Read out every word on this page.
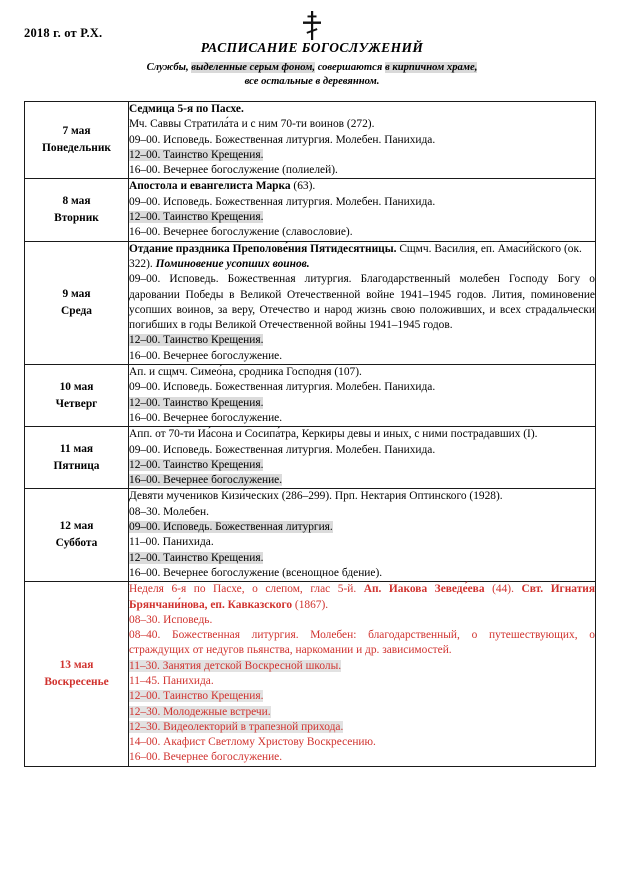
2018 г. от Р.Х.
РАСПИСАНИЕ БОГОСЛУЖЕНИЙ
Службы, выделенные серым фоном, совершаются в кирпичном храме,
все остальные в деревянном.
7 мая
Понедельник

Седмица 5-я по Пасхе.
Мч. Саввы Стратила́та и с ним 70-ти воинов (272).
09–00. Исповедь. Божественная литургия. Молебен. Панихида.
12–00. Таинство Крещения.
16–00. Вечернее богослужение (полиелей).

8 мая
Вторник

Апостола и евангелиста Марка (63).
09–00. Исповедь. Божественная литургия. Молебен. Панихида.
12–00. Таинство Крещения.
16–00. Вечернее богослужение (славословие).

9 мая
Среда

Отдание праздника Преполове́ния Пятидесятницы. Сщмч. Василия, еп. Амаси́йского (ок. 322). Поминовение усопших воинов.
09–00. Исповедь. Божественная литургия. Благодарственный молебен Господу Богу о даровании Победы в Великой Отечественной войне 1941–1945 годов. Лития, поминовение усопших воинов, за веру, Отечество и народ жизнь свою положивших, и всех страдальчески погибших в годы Великой Отечественной войны 1941–1945 годов.
12–00. Таинство Крещения.
16–00. Вечернее богослужение.

10 мая
Четверг

Ап. и сщмч. Симео́на, сродника Господня (107).
09–00. Исповедь. Божественная литургия. Молебен. Панихида.
12–00. Таинство Крещения.
16–00. Вечернее богослужение.

11 мая
Пятница

Апп. от 70-ти Иа́сона и Сосипа́тра, Керкиры девы и иных, с ними пострадавших (I).
09–00. Исповедь. Божественная литургия. Молебен. Панихида.
12–00. Таинство Крещения.
16–00. Вечернее богослужение.

12 мая
Суббота

Девяти мучеников Кизи́ческих (286–299). Прп. Нектария Оптинского (1928).
08–30. Молебен.
09–00. Исповедь. Божественная литургия.
11–00. Панихида.
12–00. Таинство Крещения.
16–00. Вечернее богослужение (всенощное бдение).

13 мая
Воскресенье

Неделя 6-я по Пасхе, о слепом, глас 5-й. Ап. Иакова Зеведе́ева (44). Свт. Игнатия Брянчани́нова, еп. Кавказского (1867).
08–30. Исповедь.
08–40. Божественная литургия. Молебен: благодарственный, о путешествующих, о страждущих от недугов пьянства, наркомании и др. зависимостей.
11–30. Занятия детской Воскресной школы.
11–45. Панихида.
12–00. Таинство Крещения.
12–30. Молодежные встречи.
12–30. Видеолекторий в трапезной прихода.
14–00. Акафист Светлому Христову Воскресению.
16–00. Вечернее богослужение.
